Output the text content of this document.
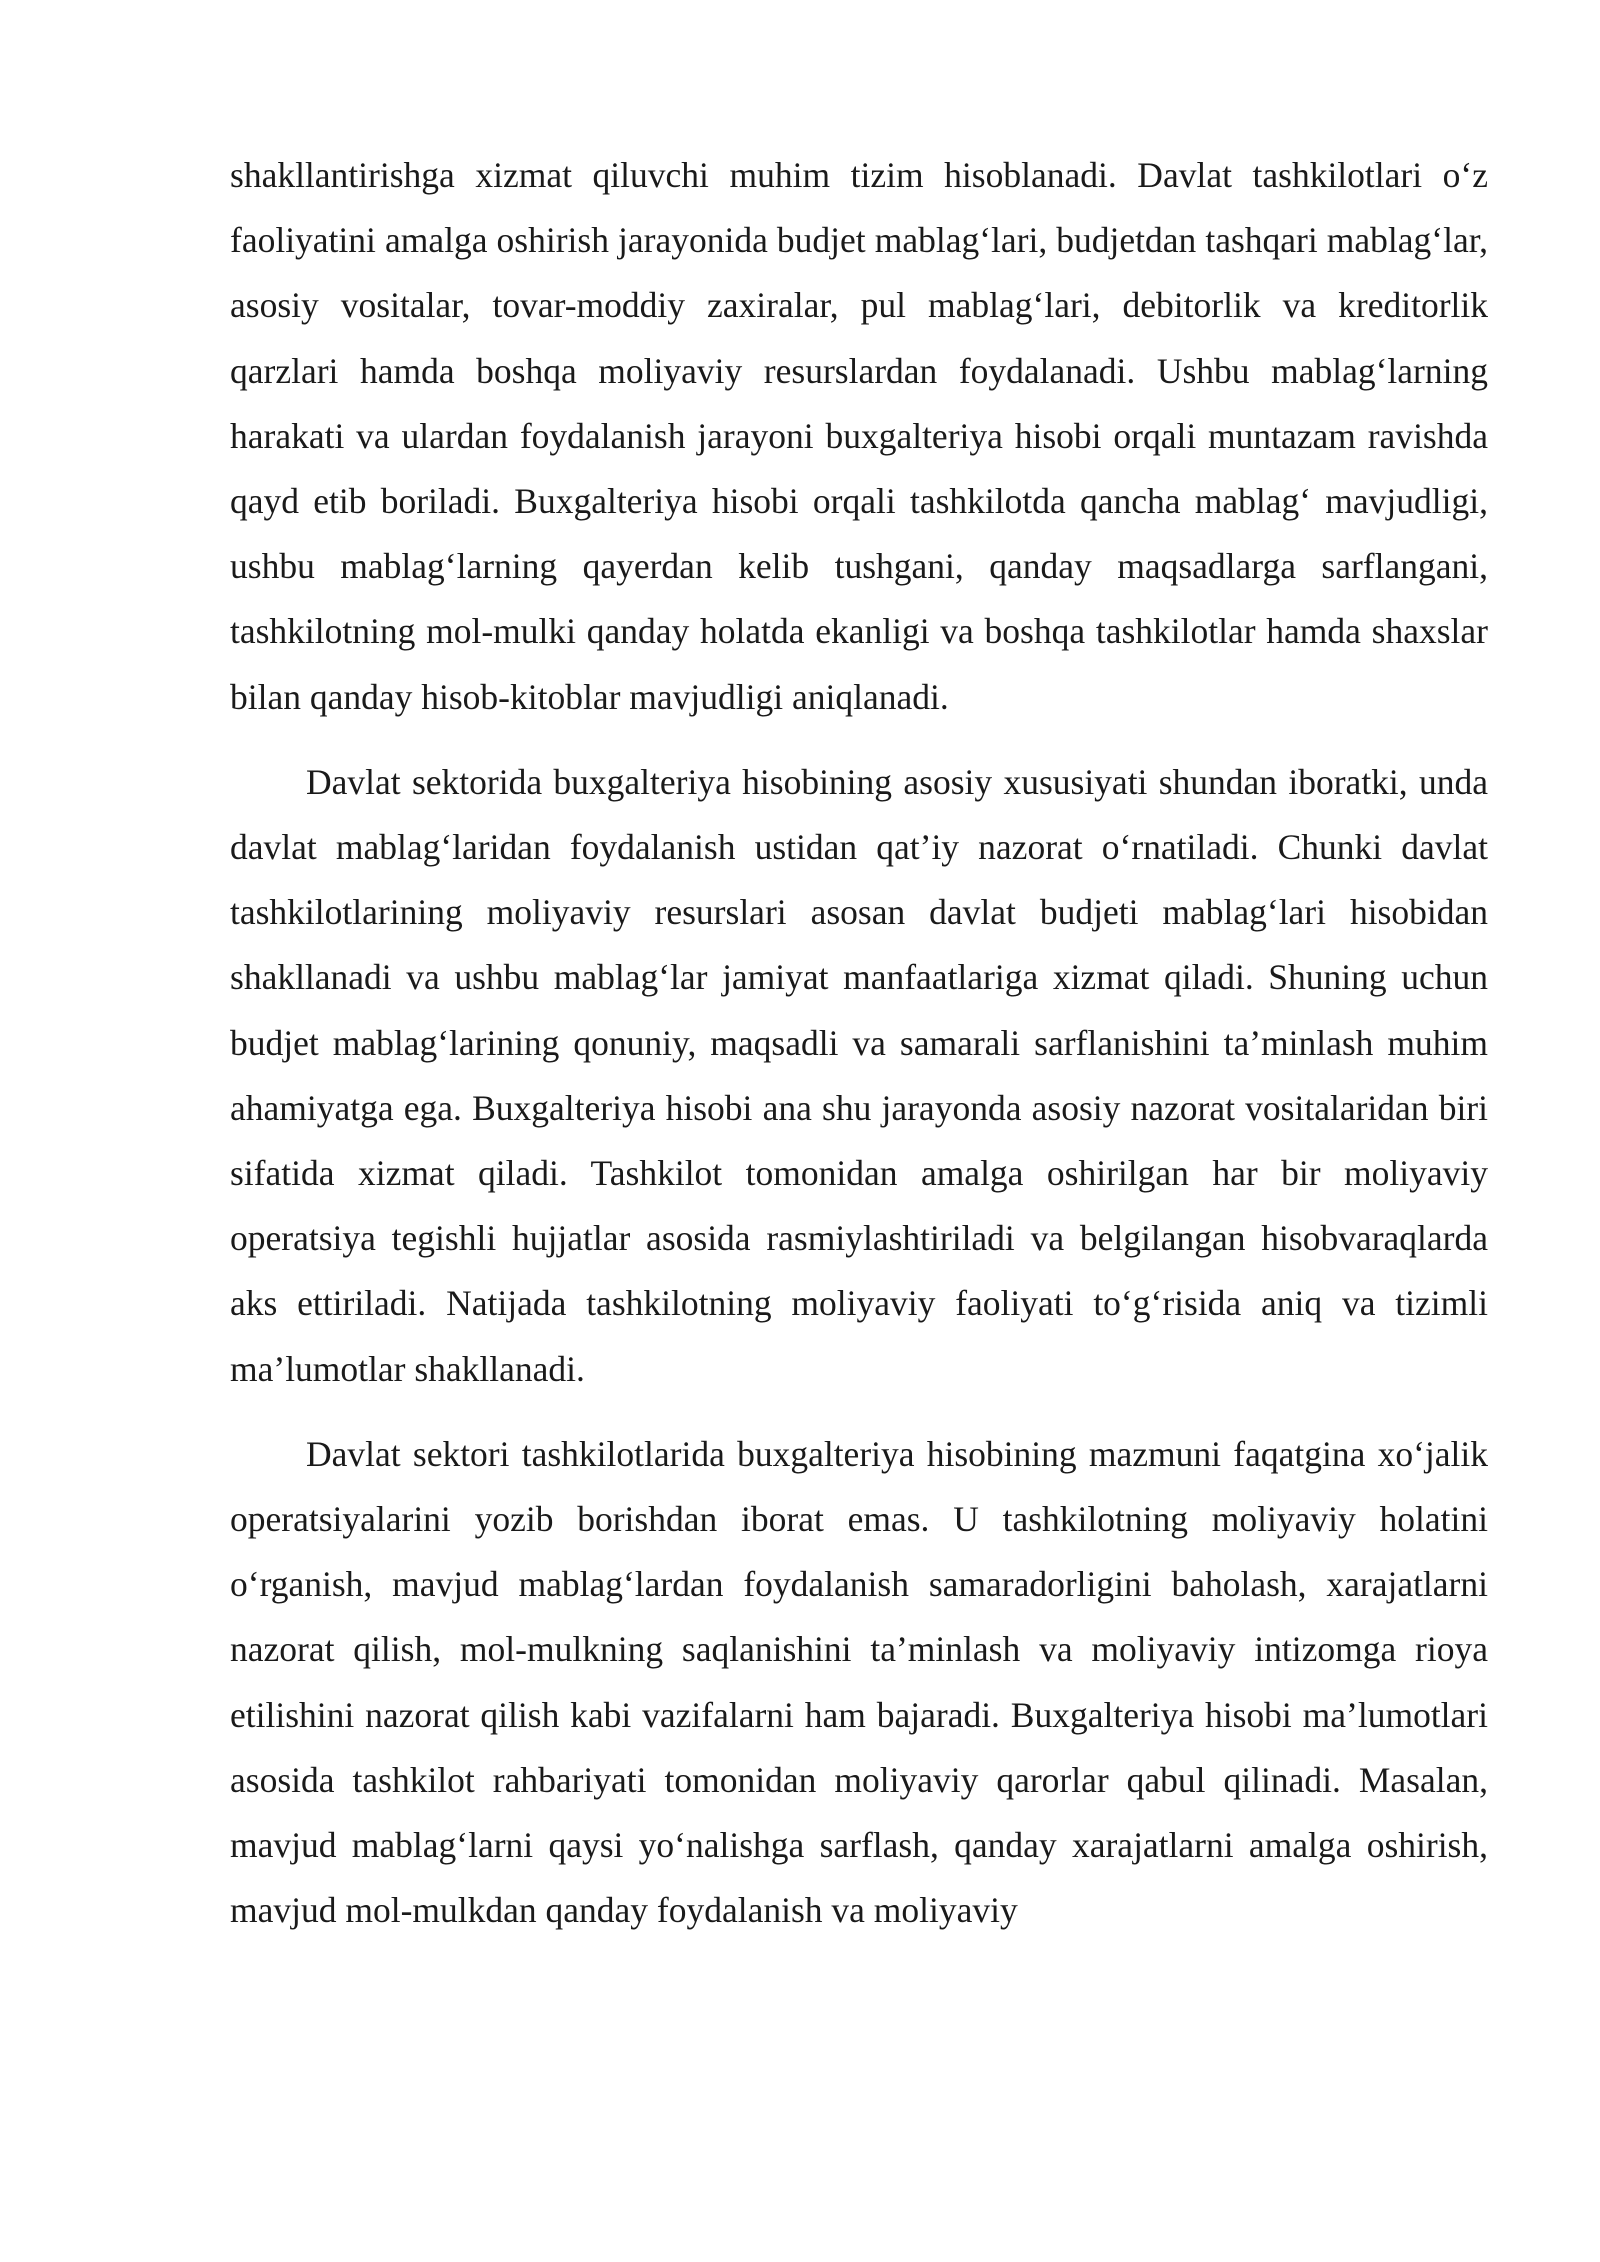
shakllantirishga xizmat qiluvchi muhim tizim hisoblanadi. Davlat tashkilotlari o‘z faoliyatini amalga oshirish jarayonida budjet mablag‘lari, budjetdan tashqari mablag‘lar, asosiy vositalar, tovar-moddiy zaxiralar, pul mablag‘lari, debitorlik va kreditorlik qarzlari hamda boshqa moliyaviy resurslardan foydalanadi. Ushbu mablag‘larning harakati va ulardan foydalanish jarayoni buxgalteriya hisobi orqali muntazam ravishda qayd etib boriladi. Buxgalteriya hisobi orqali tashkilotda qancha mablag‘ mavjudligi, ushbu mablag‘larning qayerdan kelib tushgani, qanday maqsadlarga sarflangani, tashkilotning mol-mulki qanday holatda ekanligi va boshqa tashkilotlar hamda shaxslar bilan qanday hisob-kitoblar mavjudligi aniqlanadi.

Davlat sektorida buxgalteriya hisobining asosiy xususiyati shundan iboratki, unda davlat mablag‘laridan foydalanish ustidan qat’iy nazorat o‘rnatiladi. Chunki davlat tashkilotlarining moliyaviy resurslari asosan davlat budjeti mablag‘lari hisobidan shakllanadi va ushbu mablag‘lar jamiyat manfaatlariga xizmat qiladi. Shuning uchun budjet mablag‘larining qonuniy, maqsadli va samarali sarflanishini ta’minlash muhim ahamiyatga ega. Buxgalteriya hisobi ana shu jarayonda asosiy nazorat vositalaridan biri sifatida xizmat qiladi. Tashkilot tomonidan amalga oshirilgan har bir moliyaviy operatsiya tegishli hujjatlar asosida rasmiylashtiriladi va belgilangan hisobvaraqlarda aks ettiriladi. Natijada tashkilotning moliyaviy faoliyati to‘g‘risida aniq va tizimli ma’lumotlar shakllanadi.

Davlat sektori tashkilotlarida buxgalteriya hisobining mazmuni faqatgina xo‘jalik operatsiyalarini yozib borishdan iborat emas. U tashkilotning moliyaviy holatini o‘rganish, mavjud mablag‘lardan foydalanish samaradorligini baholash, xarajatlarni nazorat qilish, mol-mulkning saqlanishini ta’minlash va moliyaviy intizomga rioya etilishini nazorat qilish kabi vazifalarni ham bajaradi. Buxgalteriya hisobi ma’lumotlari asosida tashkilot rahbariyati tomonidan moliyaviy qarorlar qabul qilinadi. Masalan, mavjud mablag‘larni qaysi yo‘nalishga sarflash, qanday xarajatlarni amalga oshirish, mavjud mol-mulkdan qanday foydalanish va moliyaviy
